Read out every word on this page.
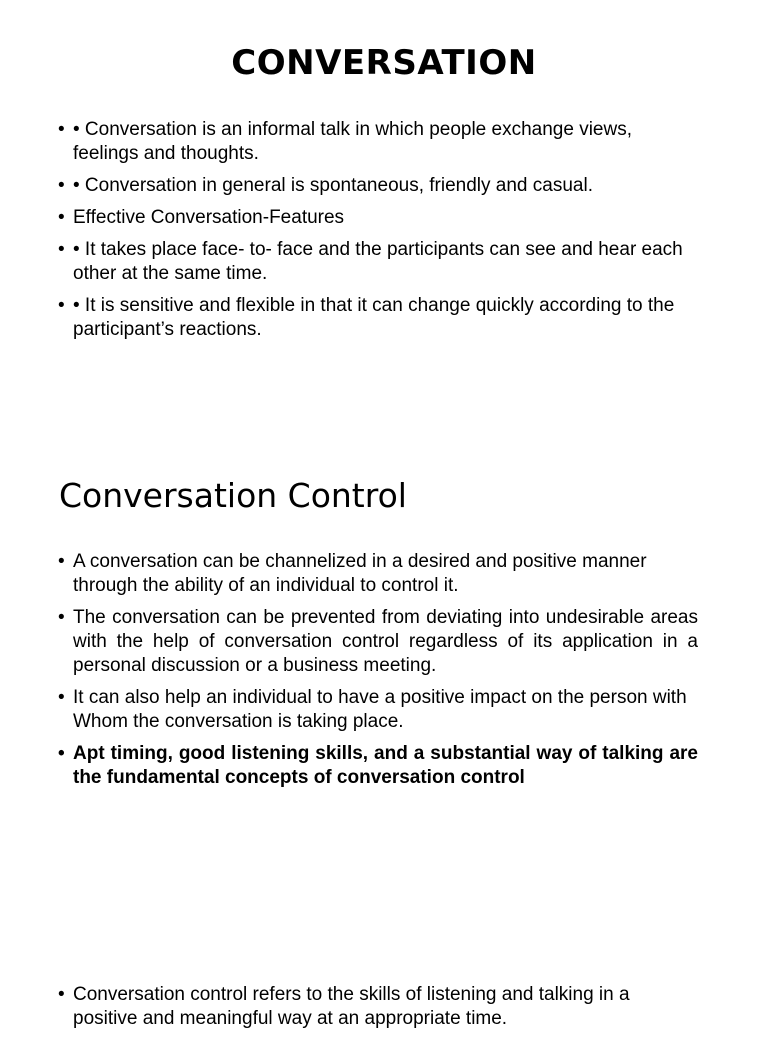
CONVERSATION
• • Conversation is an informal talk in which people exchange views, feelings and thoughts.
• • Conversation in general is spontaneous, friendly and casual.
• Effective Conversation-Features
• • It takes place face- to- face and the participants can see and hear each other at the same time.
• • It is sensitive and flexible in that it can change quickly according to the participant’s reactions.
Conversation Control
• A conversation can be channelized in a desired and positive manner through the ability of an individual to control it.
• The conversation can be prevented from deviating into undesirable areas with the help of conversation control regardless of its application in a personal discussion or a business meeting.
• It can also help an individual to have a positive impact on the person with Whom the conversation is taking place.
• Apt timing, good listening skills, and a substantial way of talking are the fundamental concepts of conversation control
• Conversation control refers to the skills of listening and talking in a positive and meaningful way at an appropriate time.
